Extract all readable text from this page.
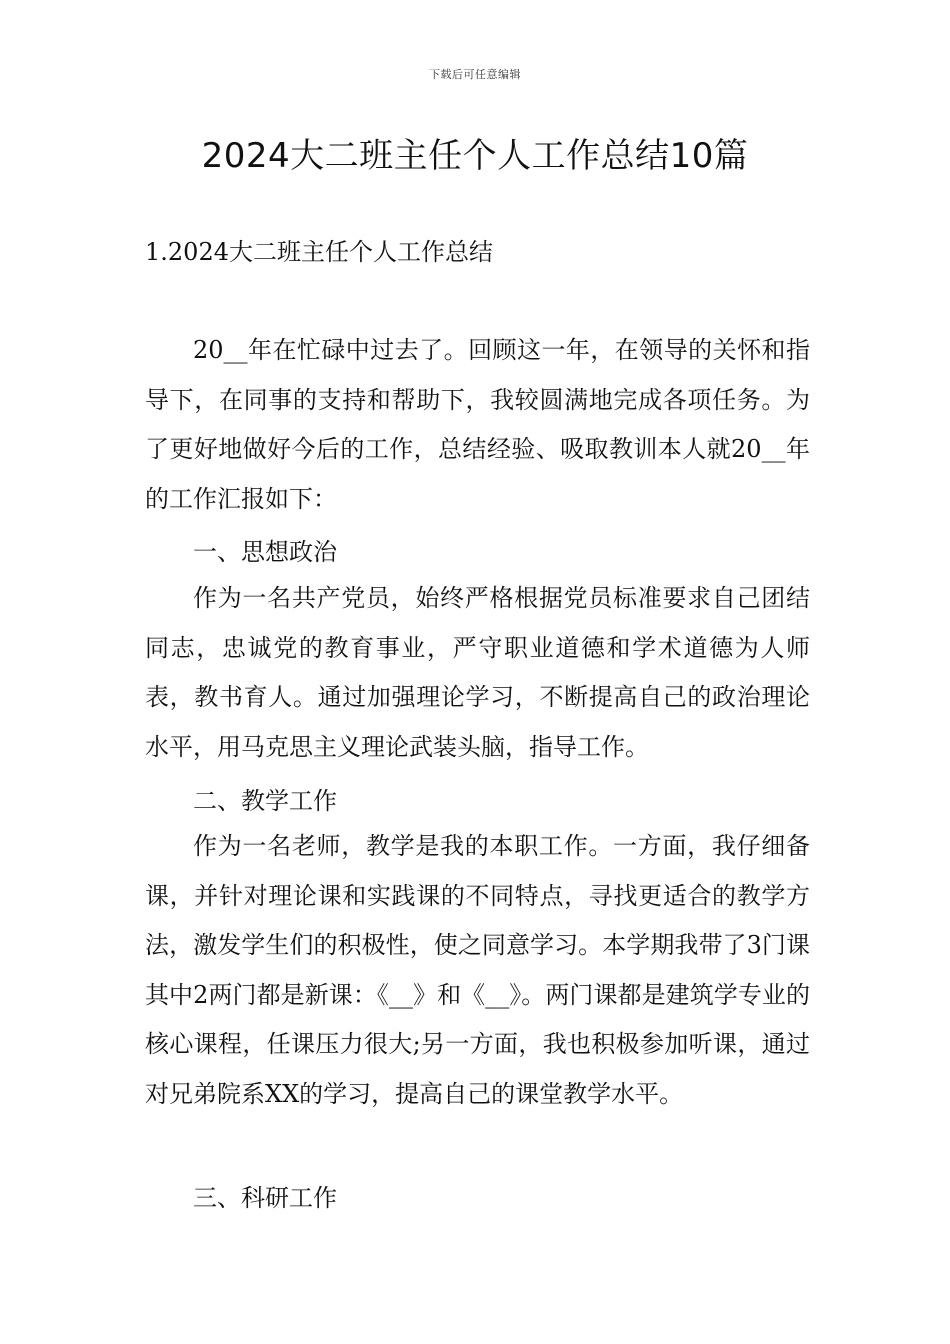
下载后可任意编辑
2024大二班主任个人工作总结10篇
1.2024大二班主任个人工作总结

20__年在忙碌中过去了。回顾这一年，在领导的关怀和指导下，在同事的支持和帮助下，我较圆满地完成各项任务。为了更好地做好今后的工作，总结经验、吸取教训本人就20__年的工作汇报如下：

一、思想政治

作为一名共产党员，始终严格根据党员标准要求自己团结同志，忠诚党的教育事业，严守职业道德和学术道德为人师表，教书育人。通过加强理论学习，不断提高自己的政治理论水平，用马克思主义理论武装头脑，指导工作。

二、教学工作

作为一名老师，教学是我的本职工作。一方面，我仔细备课，并针对理论课和实践课的不同特点，寻找更适合的教学方法，激发学生们的积极性，使之同意学习。本学期我带了3门课其中2两门都是新课：《__》和《__》。两门课都是建筑学专业的核心课程，任课压力很大;另一方面，我也积极参加听课，通过对兄弟院系XX的学习，提高自己的课堂教学水平。

三、科研工作
